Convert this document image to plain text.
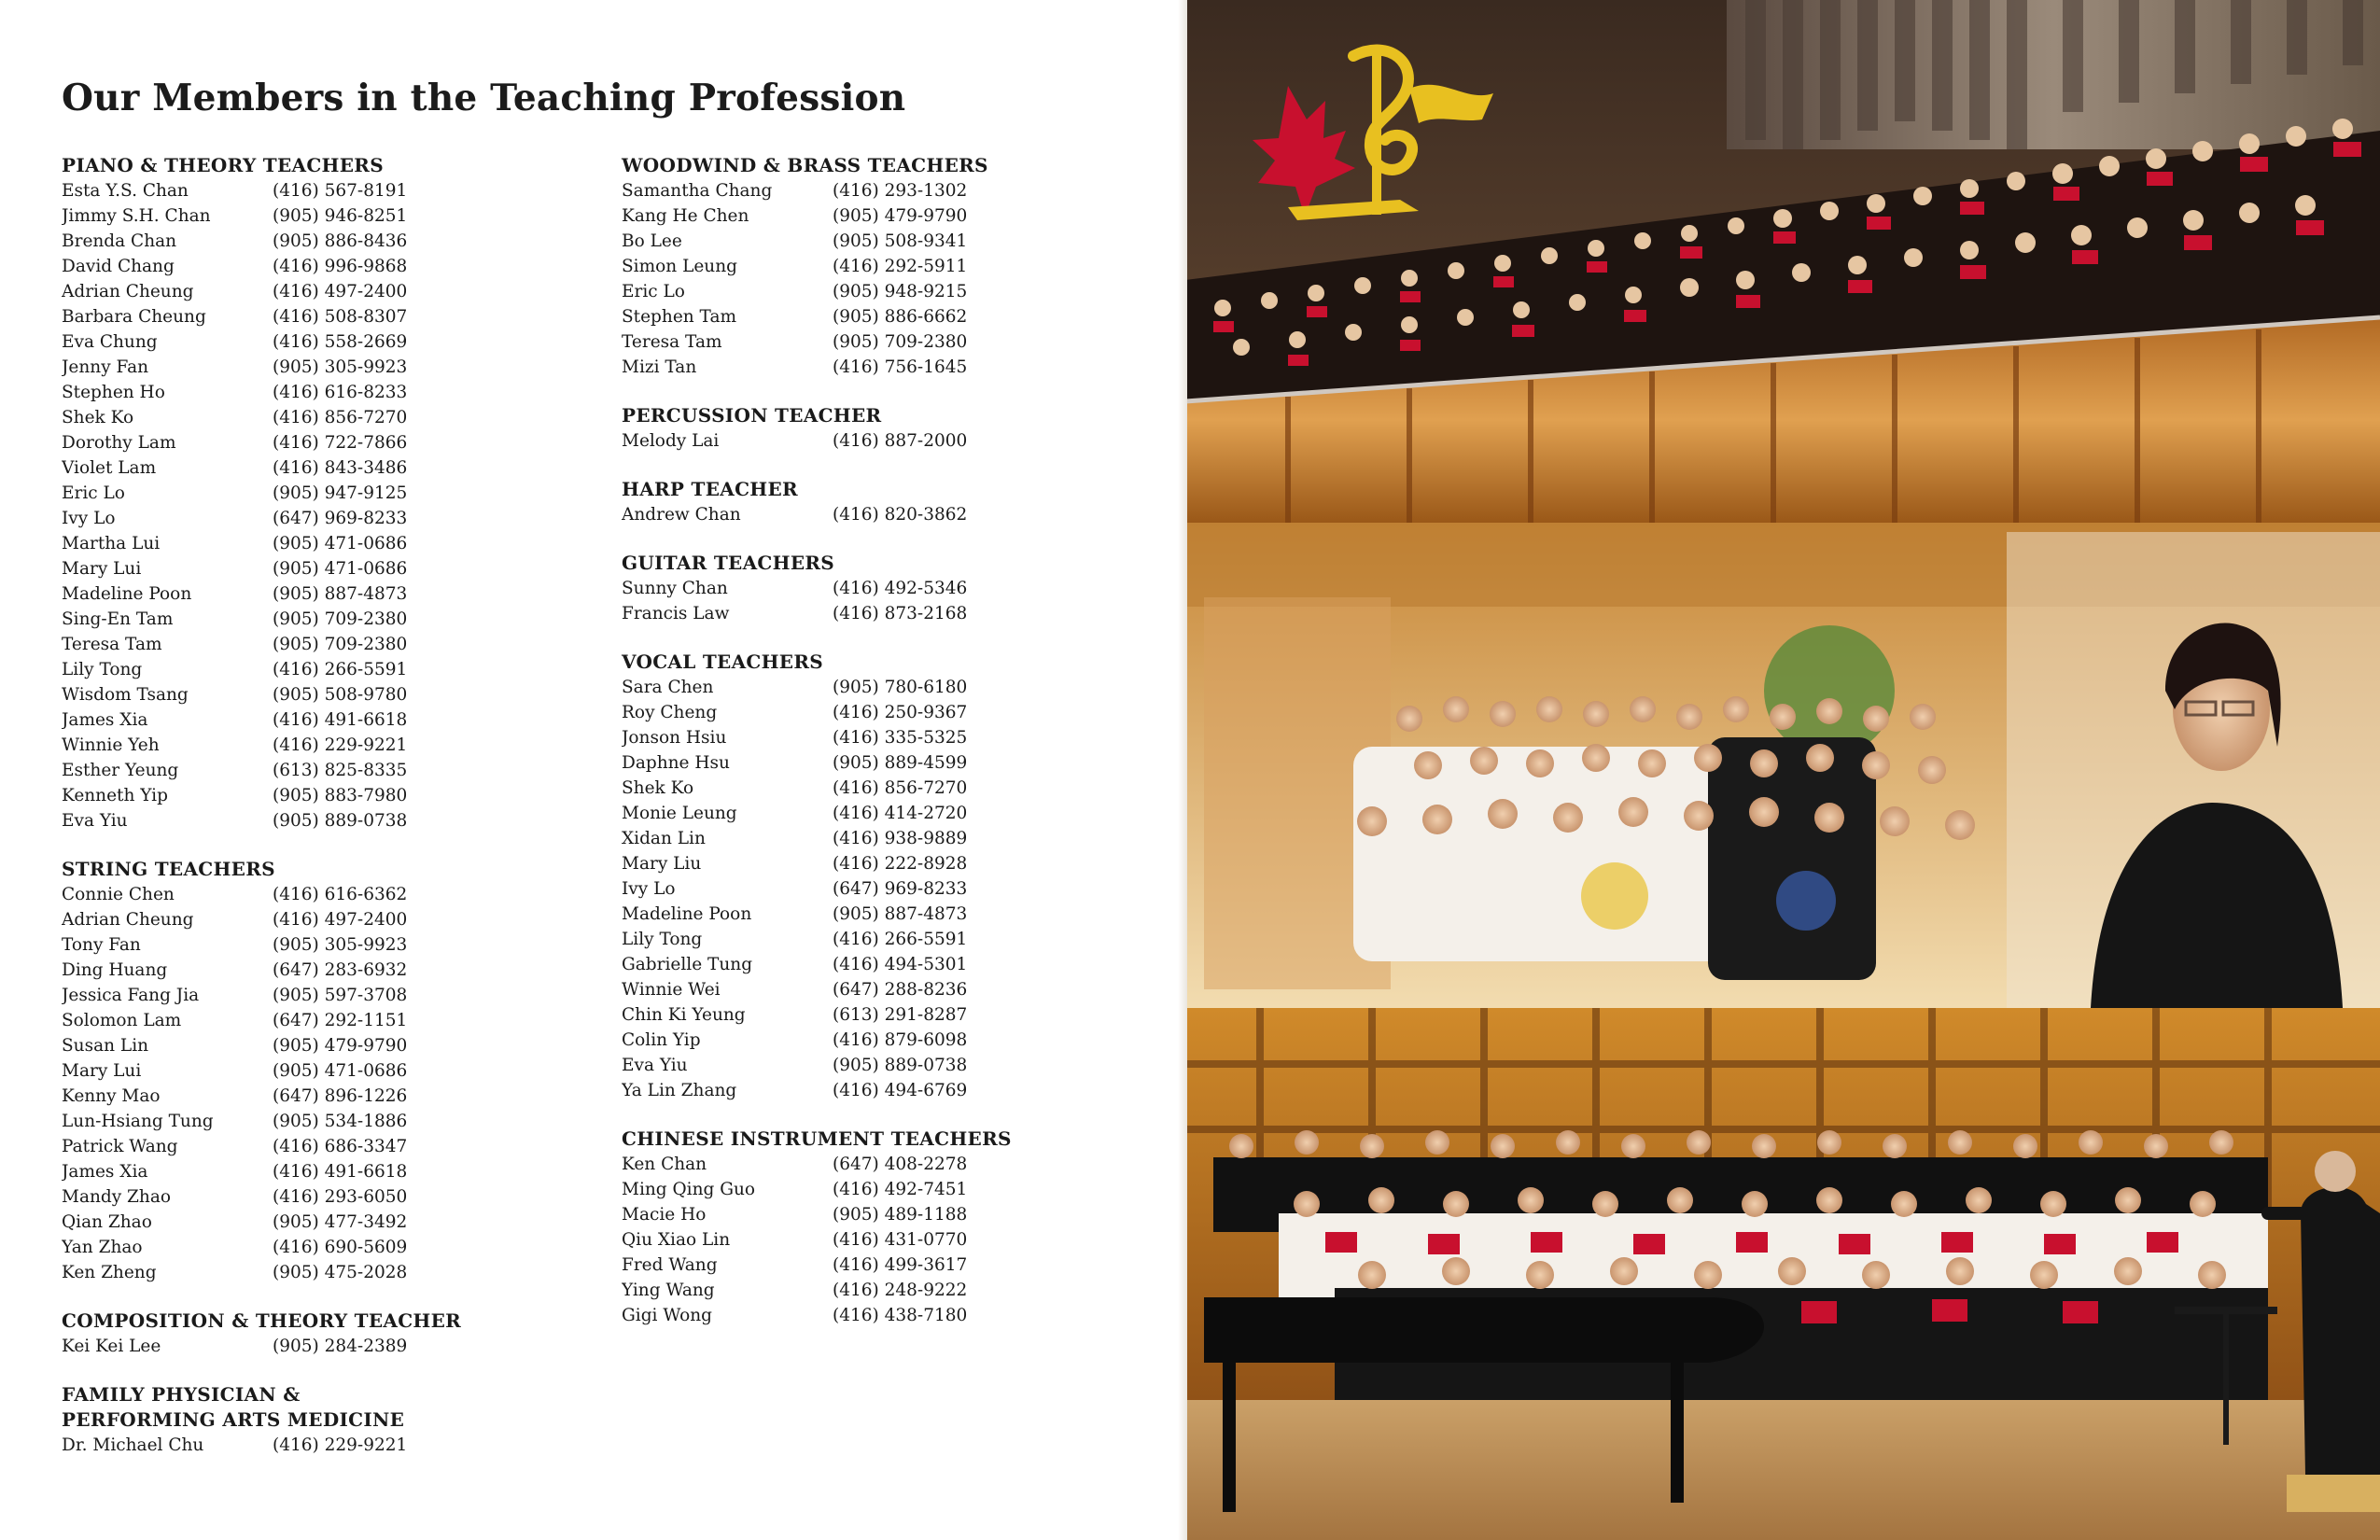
Our Members in the Teaching Profession
PIANO & THEORY TEACHERS
Esta Y.S. Chan	(416) 567-8191
Jimmy S.H. Chan	(905) 946-8251
Brenda Chan	(905) 886-8436
David Chang	(416) 996-9868
Adrian Cheung	(416) 497-2400
Barbara Cheung	(416) 508-8307
Eva Chung	(416) 558-2669
Jenny Fan	(905) 305-9923
Stephen Ho	(416) 616-8233
Shek Ko	(416) 856-7270
Dorothy Lam	(416) 722-7866
Violet Lam	(416) 843-3486
Eric Lo	(905) 947-9125
Ivy Lo	(647) 969-8233
Martha Lui	(905) 471-0686
Mary Lui	(905) 471-0686
Madeline Poon	(905) 887-4873
Sing-En Tam	(905) 709-2380
Teresa Tam	(905) 709-2380
Lily Tong	(416) 266-5591
Wisdom Tsang	(905) 508-9780
James Xia	(416) 491-6618
Winnie Yeh	(416) 229-9221
Esther Yeung	(613) 825-8335
Kenneth Yip	(905) 883-7980
Eva Yiu	(905) 889-0738
STRING TEACHERS
Connie Chen	(416) 616-6362
Adrian Cheung	(416) 497-2400
Tony Fan	(905) 305-9923
Ding Huang	(647) 283-6932
Jessica Fang Jia	(905) 597-3708
Solomon Lam	(647) 292-1151
Susan Lin	(905) 479-9790
Mary Lui	(905) 471-0686
Kenny Mao	(647) 896-1226
Lun-Hsiang Tung	(905) 534-1886
Patrick Wang	(416) 686-3347
James Xia	(416) 491-6618
Mandy Zhao	(416) 293-6050
Qian Zhao	(905) 477-3492
Yan Zhao	(416) 690-5609
Ken Zheng	(905) 475-2028
COMPOSITION & THEORY TEACHER
Kei Kei Lee	(905) 284-2389
FAMILY PHYSICIAN &
PERFORMING ARTS MEDICINE
Dr. Michael Chu	(416) 229-9221
WOODWIND & BRASS TEACHERS
Samantha Chang	(416) 293-1302
Kang He Chen	(905) 479-9790
Bo Lee	(905) 508-9341
Simon Leung	(416) 292-5911
Eric Lo	(905) 948-9215
Stephen Tam	(905) 886-6662
Teresa Tam	(905) 709-2380
Mizi Tan	(416) 756-1645
PERCUSSION TEACHER
Melody Lai	(416) 887-2000
HARP TEACHER
Andrew Chan	(416) 820-3862
GUITAR TEACHERS
Sunny Chan	(416) 492-5346
Francis Law	(416) 873-2168
VOCAL TEACHERS
Sara Chen	(905) 780-6180
Roy Cheng	(416) 250-9367
Jonson Hsiu	(416) 335-5325
Daphne Hsu	(905) 889-4599
Shek Ko	(416) 856-7270
Monie Leung	(416) 414-2720
Xidan Lin	(416) 938-9889
Mary Liu	(416) 222-8928
Ivy Lo	(647) 969-8233
Madeline Poon	(905) 887-4873
Lily Tong	(416) 266-5591
Gabrielle Tung	(416) 494-5301
Winnie Wei	(647) 288-8236
Chin Ki Yeung	(613) 291-8287
Colin Yip	(416) 879-6098
Eva Yiu	(905) 889-0738
Ya Lin Zhang	(416) 494-6769
CHINESE INSTRUMENT TEACHERS
Ken Chan	(647) 408-2278
Ming Qing Guo	(416) 492-7451
Macie Ho	(905) 489-1188
Qiu Xiao Lin	(416) 431-0770
Fred Wang	(416) 499-3617
Ying Wang	(416) 248-9222
Gigi Wong	(416) 438-7180
